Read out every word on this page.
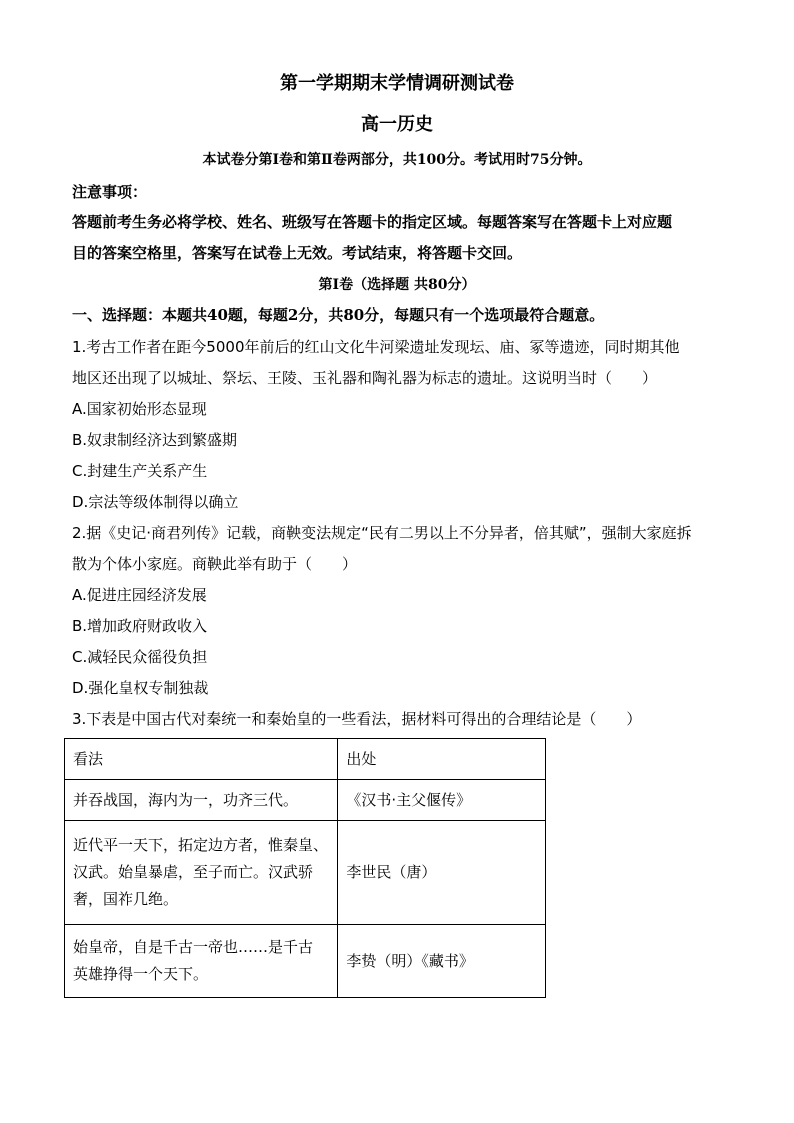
第一学期期末学情调研测试卷
高一历史
本试卷分第Ⅰ卷和第Ⅱ卷两部分，共100分。考试用时75分钟。
注意事项：
答题前考生务必将学校、姓名、班级写在答题卡的指定区域。每题答案写在答题卡上对应题
目的答案空格里，答案写在试卷上无效。考试结束，将答题卡交回。
第Ⅰ卷（选择题 共80分）
一、选择题：本题共40题，每题2分，共80分，每题只有一个选项最符合题意。
1.考古工作者在距今5000年前后的红山文化牛河梁遗址发现坛、庙、冢等遗迹，同时期其他
地区还出现了以城址、祭坛、王陵、玉礼器和陶礼器为标志的遗址。这说明当时（　　）
A.国家初始形态显现
B.奴隶制经济达到繁盛期
C.封建生产关系产生
D.宗法等级体制得以确立
2.据《史记·商君列传》记载，商鞅变法规定“民有二男以上不分异者，倍其赋”，强制大家庭拆
散为个体小家庭。商鞅此举有助于（　　）
A.促进庄园经济发展
B.增加政府财政收入
C.减轻民众徭役负担
D.强化皇权专制独裁
3.下表是中国古代对秦统一和秦始皇的一些看法，据材料可得出的合理结论是（　　）
看法	出处

并吞战国，海内为一，功齐三代。	《汉书·主父偃传》

近代平一天下，拓定边方者，惟秦皇、
汉武。始皇暴虐，至子而亡。汉武骄
奢，国祚几绝。	李世民（唐）

始皇帝，自是千古一帝也……是千古
英雄挣得一个天下。	李贽（明）《藏书》
